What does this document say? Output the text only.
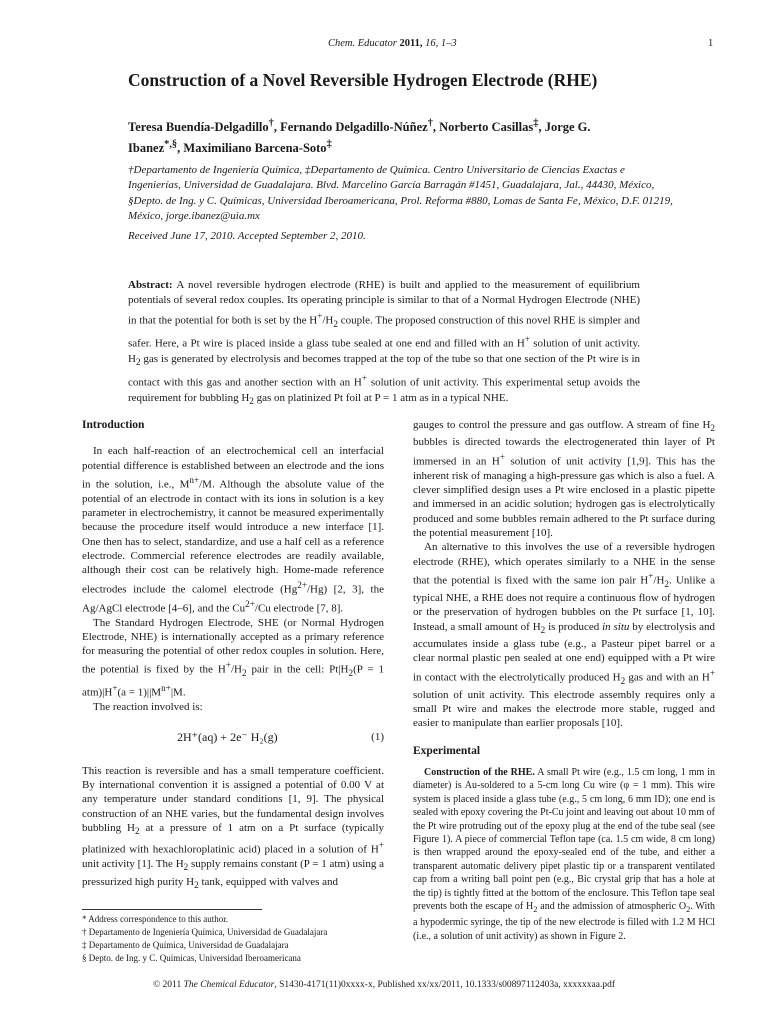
Chem. Educator 2011, 16, 1–3	1
Construction of a Novel Reversible Hydrogen Electrode (RHE)
Teresa Buendía-Delgadillo†, Fernando Delgadillo-Núñez†, Norberto Casillas‡, Jorge G. Ibanez*,§, Maximiliano Barcena-Soto‡
†Departamento de Ingeniería Química, ‡Departamento de Química. Centro Universitario de Ciencias Exactas e Ingenierías, Universidad de Guadalajara. Blvd. Marcelino García Barragán #1451, Guadalajara, Jal., 44430, México, §Depto. de Ing. y C. Químicas, Universidad Iberoamericana, Prol. Reforma #880, Lomas de Santa Fe, México, D.F. 01219, México, jorge.ibanez@uia.mx
Received June 17, 2010. Accepted September 2, 2010.
Abstract: A novel reversible hydrogen electrode (RHE) is built and applied to the measurement of equilibrium potentials of several redox couples. Its operating principle is similar to that of a Normal Hydrogen Electrode (NHE) in that the potential for both is set by the $H^+/H_2$ couple. The proposed construction of this novel RHE is simpler and safer. Here, a Pt wire is placed inside a glass tube sealed at one end and filled with an H+ solution of unit activity. $H_2$ gas is generated by electrolysis and becomes trapped at the top of the tube so that one section of the Pt wire is in contact with this gas and another section with an H+ solution of unit activity. This experimental setup avoids the requirement for bubbling $H_2$ gas on platinized Pt foil at P = 1 atm as in a typical NHE.

Introduction

In each half-reaction of an electrochemical cell an interfacial potential difference is established between an electrode and the ions in the solution, i.e., $M^{n+}/M$. Although the absolute value of the potential of an electrode in contact with its ions in solution is a key parameter in electrochemistry, it cannot be measured experimentally because the procedure itself would introduce a new interface [1]. One then has to select, standardize, and use a half cell as a reference electrode. Commercial reference electrodes are readily available, although their cost can be relatively high. Home-made reference electrodes include the calomel electrode $(Hg^{2+}/Hg)$ [2, 3], the Ag/AgCl electrode [4–6], and the $Cu^{2+}/Cu$ electrode [7, 8].

The Standard Hydrogen Electrode, SHE (or Normal Hydrogen Electrode, NHE) is internationally accepted as a primary reference for measuring the potential of other redox couples in solution. Here, the potential is fixed by the $H^+/H_2$ pair in the cell: $Pt|H_2(P = 1$ $atm)|H^+(a = 1)||M^{n+}|M$.

The reaction involved is:

2H⁺(aq) + 2e⁻ H₂(g)	(1)

This reaction is reversible and has a small temperature coefficient. By international convention it is assigned a potential of 0.00 V at any temperature under standard conditions [1, 9]. The physical construction of an NHE varies, but the fundamental design involves bubbling $H_2$ at a pressure of 1 atm on a Pt surface (typically platinized with hexachloroplatinic acid) placed in a solution of H+ unit activity [1]. The $H_2$ supply remains constant (P = 1 atm) using a pressurized high purity $H_2$ tank, equipped with valves and

gauges to control the pressure and gas outflow. A stream of fine $H_2$ bubbles is directed towards the electrogenerated thin layer of Pt immersed in an H+ solution of unit activity [1,9]. This has the inherent risk of managing a high-pressure gas which is also a fuel. A clever simplified design uses a Pt wire enclosed in a plastic pipette and immersed in an acidic solution; hydrogen gas is electrolytically produced and some bubbles remain adhered to the Pt surface during the potential measurement [10].

An alternative to this involves the use of a reversible hydrogen electrode (RHE), which operates similarly to a NHE in the sense that the potential is fixed with the same ion pair $H^+/H_2$. Unlike a typical NHE, a RHE does not require a continuous flow of hydrogen or the preservation of hydrogen bubbles on the Pt surface [1, 10]. Instead, a small amount of $H_2$ is produced in situ by electrolysis and accumulates inside a glass tube (e.g., a Pasteur pipet barrel or a clear normal plastic pen sealed at one end) equipped with a Pt wire in contact with the electrolytically produced $H_2$ gas and with an H+ solution of unit activity. This electrode assembly requires only a small Pt wire and makes the electrode more stable, rugged and easier to manipulate than earlier proposals [10].

Experimental

Construction of the RHE. A small Pt wire (e.g., 1.5 cm long, 1 mm in diameter) is Au-soldered to a 5-cm long Cu wire (φ = 1 mm). This wire system is placed inside a glass tube (e.g., 5 cm long, 6 mm ID); one end is sealed with epoxy covering the Pt-Cu joint and leaving out about 10 mm of the Pt wire protruding out of the epoxy plug at the end of the tube seal (see Figure 1). A piece of commercial Teflon tape (ca. 1.5 cm wide, 8 cm long) is then wrapped around the epoxy-sealed end of the tube, and either a transparent automatic delivery pipet plastic tip or a transparent ventilated cap from a writing ball point pen (e.g., Bic crystal grip that has a hole at the tip) is tightly fitted at the bottom of the enclosure. This Teflon tape seal prevents both the escape of $H_2$ and the admission of atmospheric $O_2$. With a hypodermic syringe, the tip of the new electrode is filled with 1.2 M HCl (i.e., a solution of unit activity) as shown in Figure 2.

* Address correspondence to this author.
† Departamento de Ingeniería Química, Universidad de Guadalajara
‡ Departamento de Química, Universidad de Guadalajara
§ Depto. de Ing. y C. Químicas, Universidad Iberoamericana
© 2011 The Chemical Educator, S1430-4171(11)0xxxx-x, Published xx/xx/2011, 10.1333/s00897112403a, xxxxxxaa.pdf
